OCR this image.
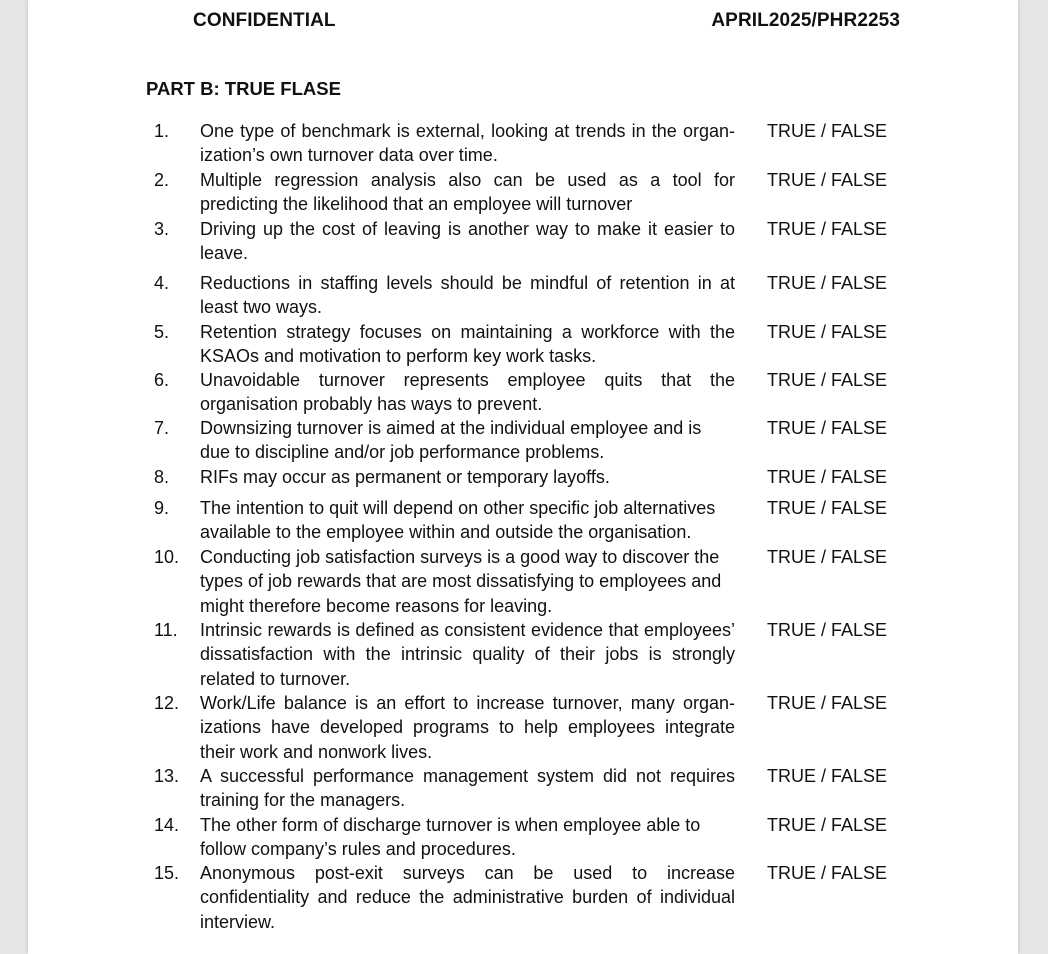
CONFIDENTIAL	APRIL2025/PHR2253
PART B: TRUE FLASE
1.	One type of benchmark is external, looking at trends in the organ-ization’s own turnover data over time.
TRUE / FALSE
2.	Multiple regression analysis also can be used as a tool for predicting the likelihood that an employee will turnover
TRUE / FALSE
3.	Driving up the cost of leaving is another way to make it easier to leave.
TRUE / FALSE
4.	Reductions in staffing levels should be mindful of retention in at least two ways.
TRUE / FALSE
5.	Retention strategy focuses on maintaining a workforce with the KSAOs and motivation to perform key work tasks.
TRUE / FALSE
6.	Unavoidable turnover represents employee quits that the organisation probably has ways to prevent.
TRUE / FALSE
7.	Downsizing turnover is aimed at the individual employee and is due to discipline and/or job performance problems.
TRUE / FALSE
8.	RIFs may occur as permanent or temporary layoffs.	TRUE / FALSE
9.	The intention to quit will depend on other specific job alternatives available to the employee within and outside the organisation.
TRUE / FALSE
10.	Conducting job satisfaction surveys is a good way to discover the types of job rewards that are most dissatisfying to employees and might therefore become reasons for leaving.
TRUE / FALSE
11.	Intrinsic rewards is defined as consistent evidence that employees’ dissatisfaction with the intrinsic quality of their jobs is strongly related to turnover.
TRUE / FALSE
12.	Work/Life balance is an effort to increase turnover, many organ-izations have developed programs to help employees integrate their work and nonwork lives.
TRUE / FALSE
13.	A successful performance management system did not requires training for the managers.
TRUE / FALSE
14.	The other form of discharge turnover is when employee able to follow company’s rules and procedures.
TRUE / FALSE
15.	Anonymous post-exit surveys can be used to increase confidentiality and reduce the administrative burden of individual interview.
TRUE / FALSE
